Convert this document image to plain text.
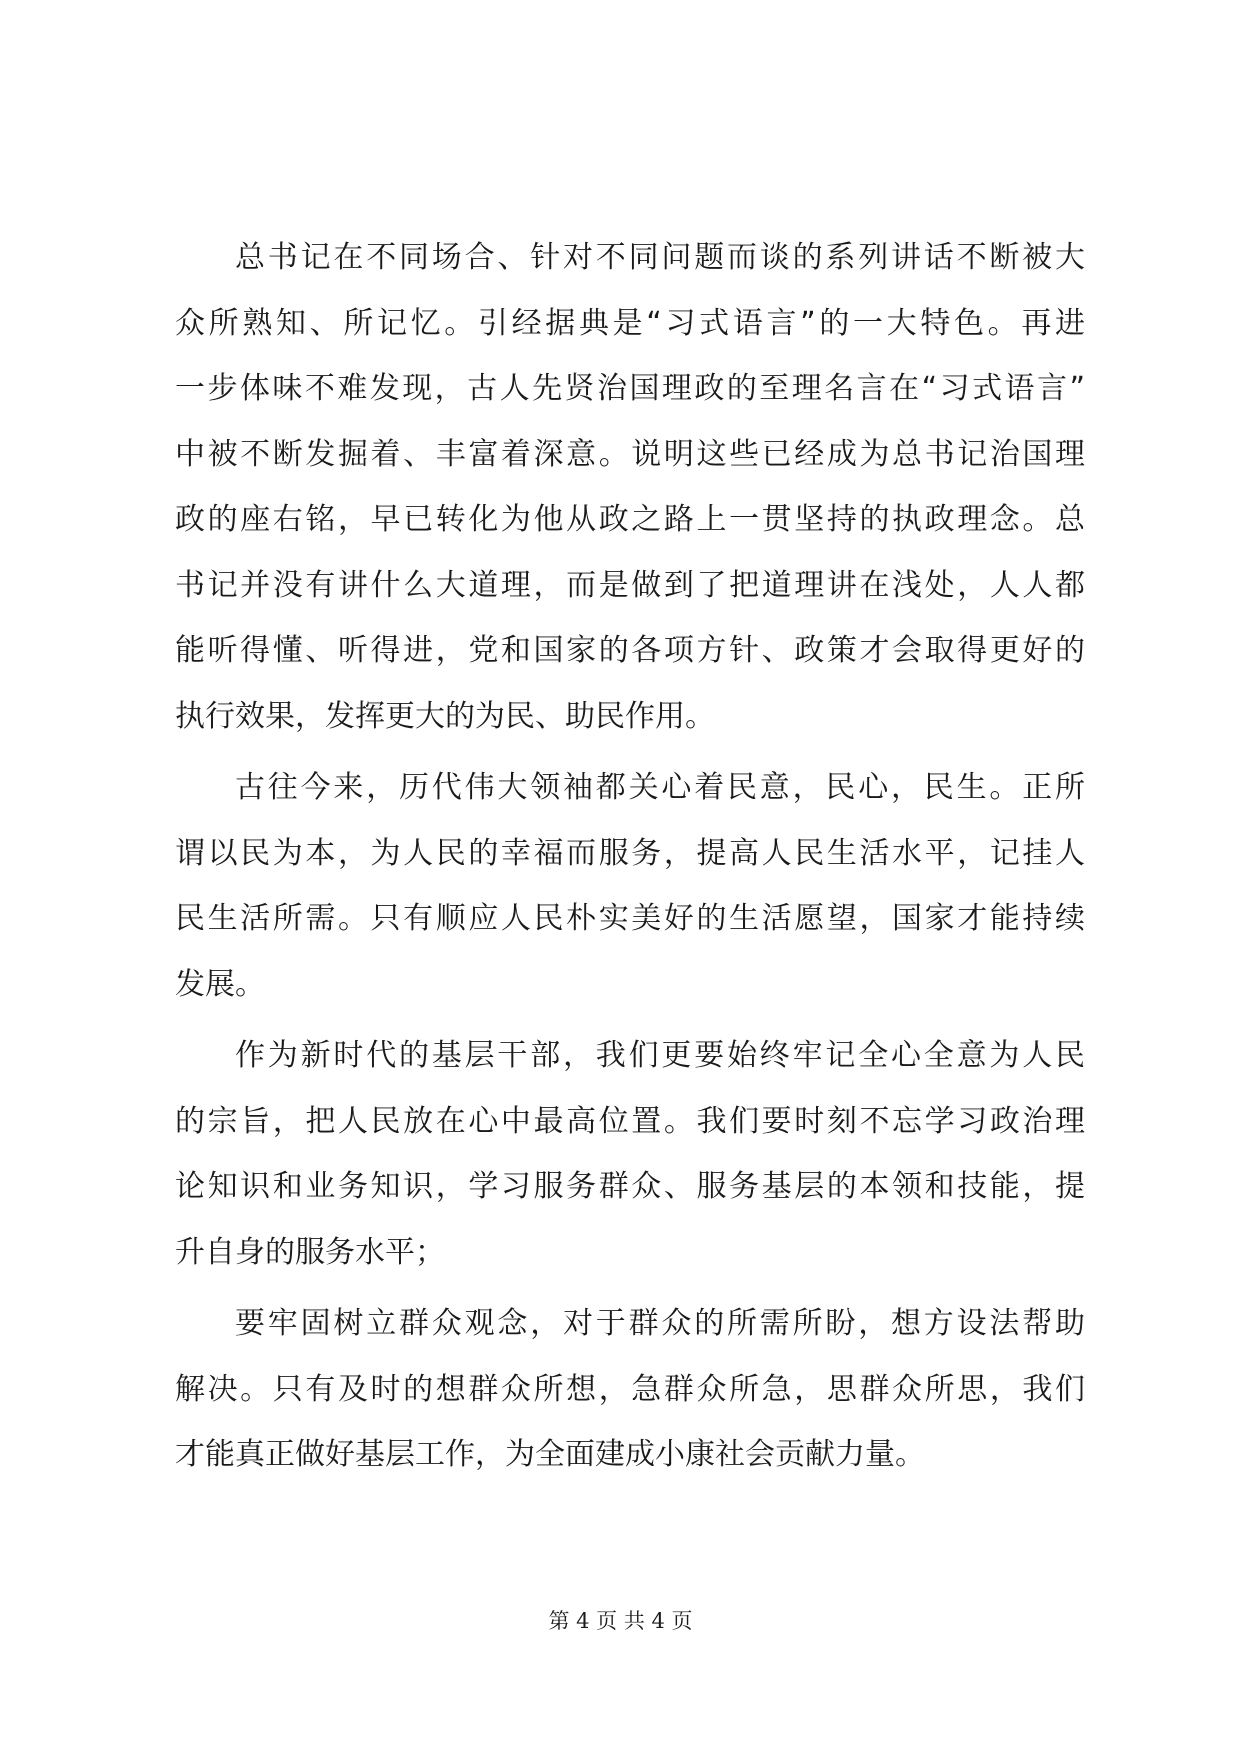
总书记在不同场合、针对不同问题而谈的系列讲话不断被大
众所熟知、所记忆。引经据典是“习式语言”的一大特色。再进
一步体味不难发现，古人先贤治国理政的至理名言在“习式语言”
中被不断发掘着、丰富着深意。说明这些已经成为总书记治国理
政的座右铭，早已转化为他从政之路上一贯坚持的执政理念。总
书记并没有讲什么大道理，而是做到了把道理讲在浅处，人人都
能听得懂、听得进，党和国家的各项方针、政策才会取得更好的
执行效果，发挥更大的为民、助民作用。
古往今来，历代伟大领袖都关心着民意，民心，民生。正所
谓以民为本，为人民的幸福而服务，提高人民生活水平，记挂人
民生活所需。只有顺应人民朴实美好的生活愿望，国家才能持续
发展。
作为新时代的基层干部，我们更要始终牢记全心全意为人民
的宗旨，把人民放在心中最高位置。我们要时刻不忘学习政治理
论知识和业务知识，学习服务群众、服务基层的本领和技能，提
升自身的服务水平；
要牢固树立群众观念，对于群众的所需所盼，想方设法帮助
解决。只有及时的想群众所想，急群众所急，思群众所思，我们
才能真正做好基层工作，为全面建成小康社会贡献力量。
第 4 页 共 4 页
